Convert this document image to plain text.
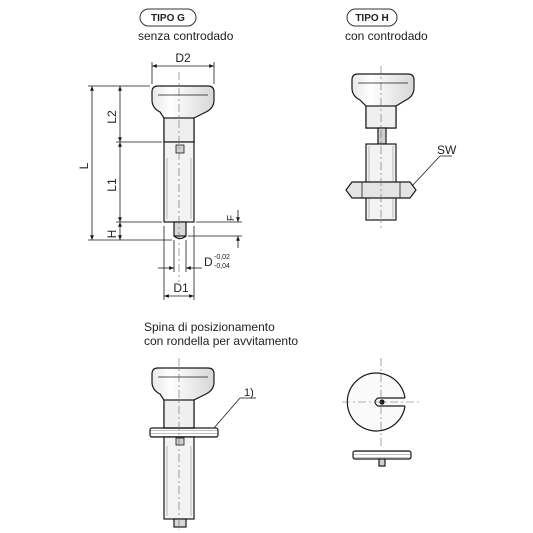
TIPO G
senza controdado
D2
L
L2
L1
H
F
D -0,02
-0,04
D1
TIPO H
con controdado
SW
Spina di posizionamento
con rondella per avvitamento
1)
